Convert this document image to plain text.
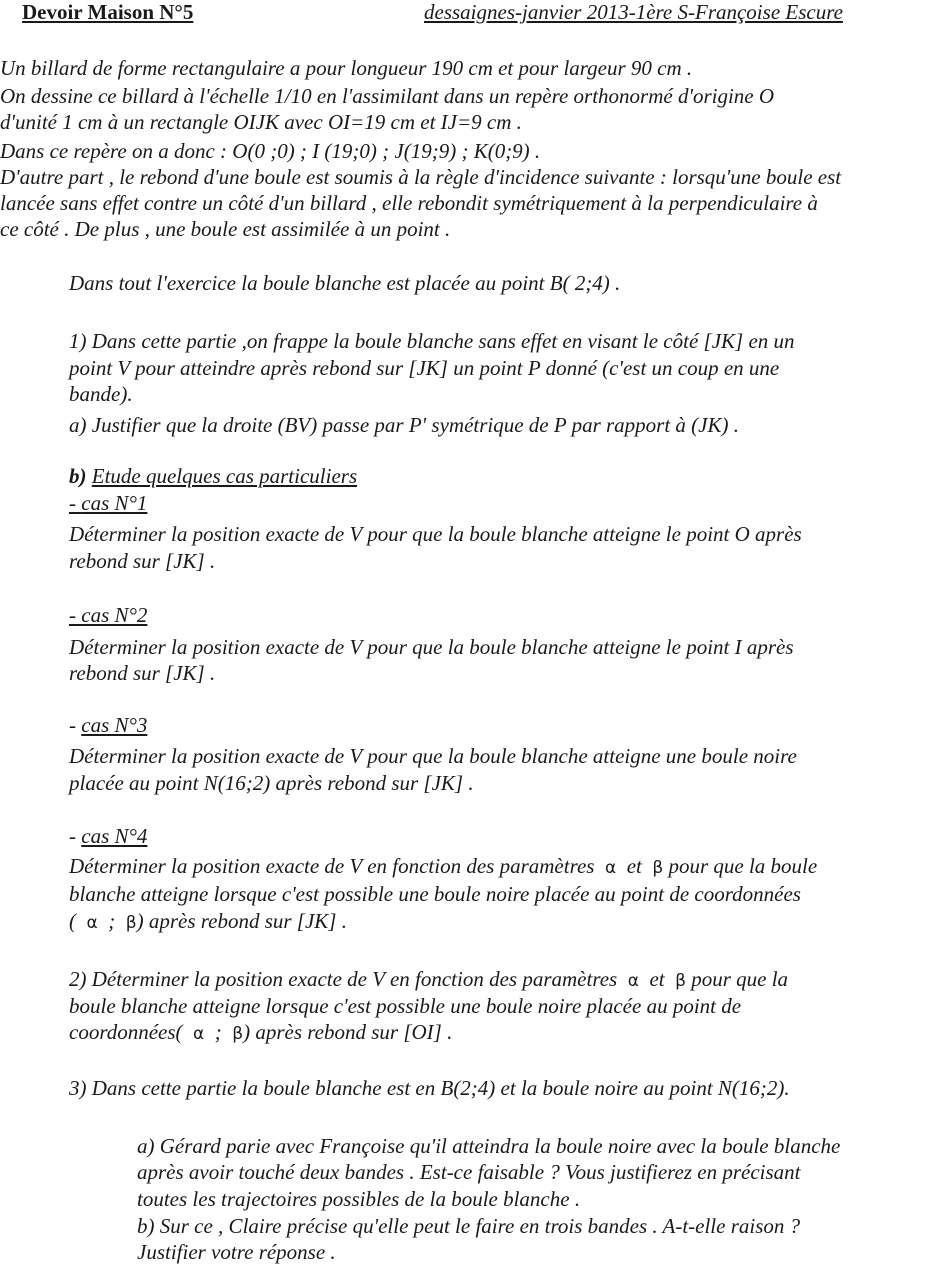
Devoir Maison N°5	dessaignes-janvier 2013-1ère S-Françoise Escure
Un billard de forme rectangulaire a pour longueur 190 cm et pour largeur 90 cm .
On dessine ce billard à l'échelle 1/10 en l'assimilant dans un repère orthonormé d'origine O
d'unité 1 cm à un rectangle OIJK avec OI=19 cm et IJ=9 cm .
Dans ce repère on a donc : O(0 ;0) ; I (19;0) ; J(19;9) ; K(0;9) .
D'autre part , le rebond d'une boule est soumis à la règle d'incidence suivante : lorsqu'une boule est
lancée sans effet contre un côté d'un billard , elle rebondit symétriquement à la perpendiculaire à
ce côté . De plus , une boule est assimilée à un point .
Dans tout l'exercice la boule blanche est placée au point B( 2;4) .
1) Dans cette partie ,on frappe la boule blanche sans effet en visant le côté [JK] en un
point V pour atteindre après rebond sur [JK] un point P donné (c'est un coup en une
bande).
a) Justifier que la droite (BV) passe par P' symétrique de P par rapport à (JK) .
b) Etude quelques cas particuliers
- cas N°1
Déterminer la position exacte de V pour que la boule blanche atteigne le point O après
rebond sur [JK] .
- cas N°2
Déterminer la position exacte de V pour que la boule blanche atteigne le point I après
rebond sur [JK] .
- cas N°3
Déterminer la position exacte de V pour que la boule blanche atteigne une boule noire
placée au point N(16;2) après rebond sur [JK] .
- cas N°4
Déterminer la position exacte de V en fonction des paramètres α et β pour que la boule
blanche atteigne lorsque c'est possible une boule noire placée au point de coordonnées
( α ; β) après rebond sur [JK] .
2) Déterminer la position exacte de V en fonction des paramètres α et β pour que la
boule blanche atteigne lorsque c'est possible une boule noire placée au point de
coordonnées( α ; β) après rebond sur [OI] .
3) Dans cette partie la boule blanche est en B(2;4) et la boule noire au point N(16;2).
a) Gérard parie avec Françoise qu'il atteindra la boule noire avec la boule blanche
après avoir touché deux bandes . Est-ce faisable ? Vous justifierez en précisant
toutes les trajectoires possibles de la boule blanche .
b) Sur ce , Claire précise qu'elle peut le faire en trois bandes . A-t-elle raison ?
Justifier votre réponse .
